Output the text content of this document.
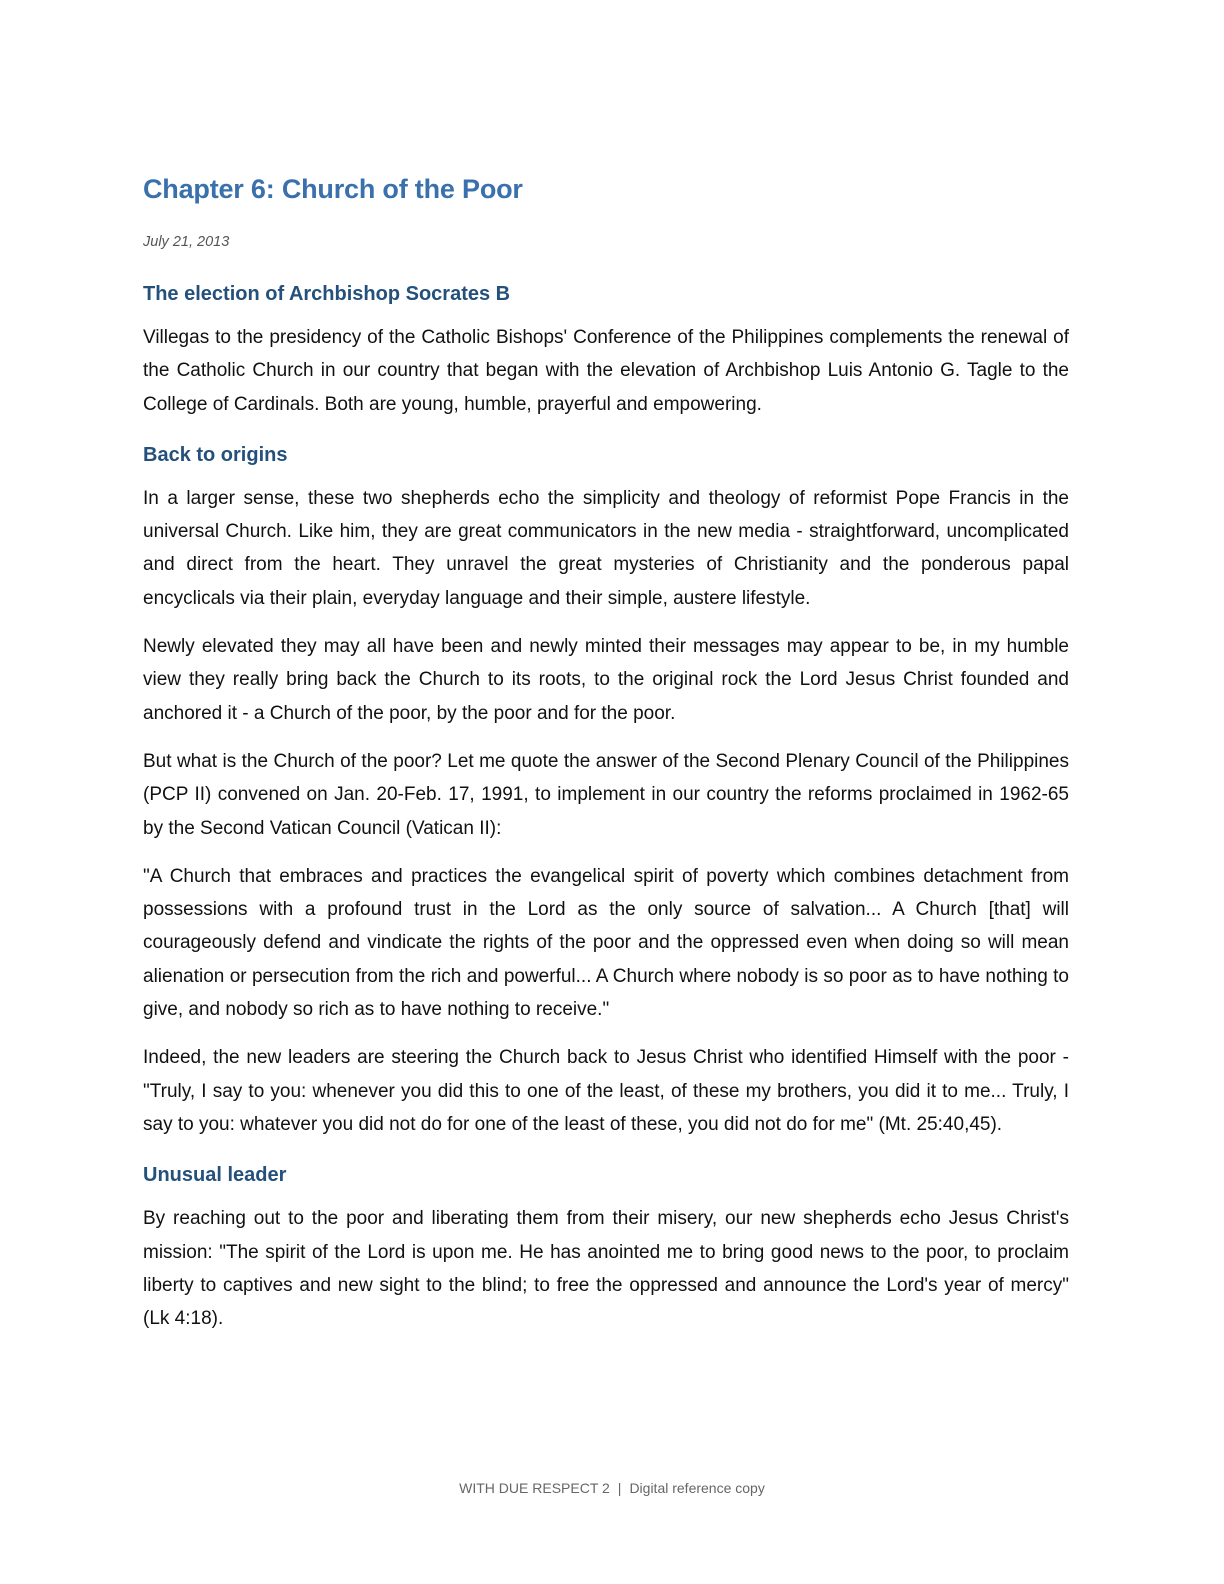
Chapter 6: Church of the Poor
July 21, 2013
The election of Archbishop Socrates B

Villegas to the presidency of the Catholic Bishops' Conference of the Philippines complements the renewal of the Catholic Church in our country that began with the elevation of Archbishop Luis Antonio G. Tagle to the College of Cardinals. Both are young, humble, prayerful and empowering.

Back to origins

In a larger sense, these two shepherds echo the simplicity and theology of reformist Pope Francis in the universal Church. Like him, they are great communicators in the new media - straightforward, uncomplicated and direct from the heart. They unravel the great mysteries of Christianity and the ponderous papal encyclicals via their plain, everyday language and their simple, austere lifestyle.

Newly elevated they may all have been and newly minted their messages may appear to be, in my humble view they really bring back the Church to its roots, to the original rock the Lord Jesus Christ founded and anchored it - a Church of the poor, by the poor and for the poor.

But what is the Church of the poor? Let me quote the answer of the Second Plenary Council of the Philippines (PCP II) convened on Jan. 20-Feb. 17, 1991, to implement in our country the reforms proclaimed in 1962-65 by the Second Vatican Council (Vatican II):

"A Church that embraces and practices the evangelical spirit of poverty which combines detachment from possessions with a profound trust in the Lord as the only source of salvation... A Church [that] will courageously defend and vindicate the rights of the poor and the oppressed even when doing so will mean alienation or persecution from the rich and powerful... A Church where nobody is so poor as to have nothing to give, and nobody so rich as to have nothing to receive."

Indeed, the new leaders are steering the Church back to Jesus Christ who identified Himself with the poor - "Truly, I say to you: whenever you did this to one of the least, of these my brothers, you did it to me... Truly, I say to you: whatever you did not do for one of the least of these, you did not do for me" (Mt. 25:40,45).

Unusual leader

By reaching out to the poor and liberating them from their misery, our new shepherds echo Jesus Christ's mission: "The spirit of the Lord is upon me. He has anointed me to bring good news to the poor, to proclaim liberty to captives and new sight to the blind; to free the oppressed and announce the Lord's year of mercy" (Lk 4:18).

WITH DUE RESPECT 2 | Digital reference copy
